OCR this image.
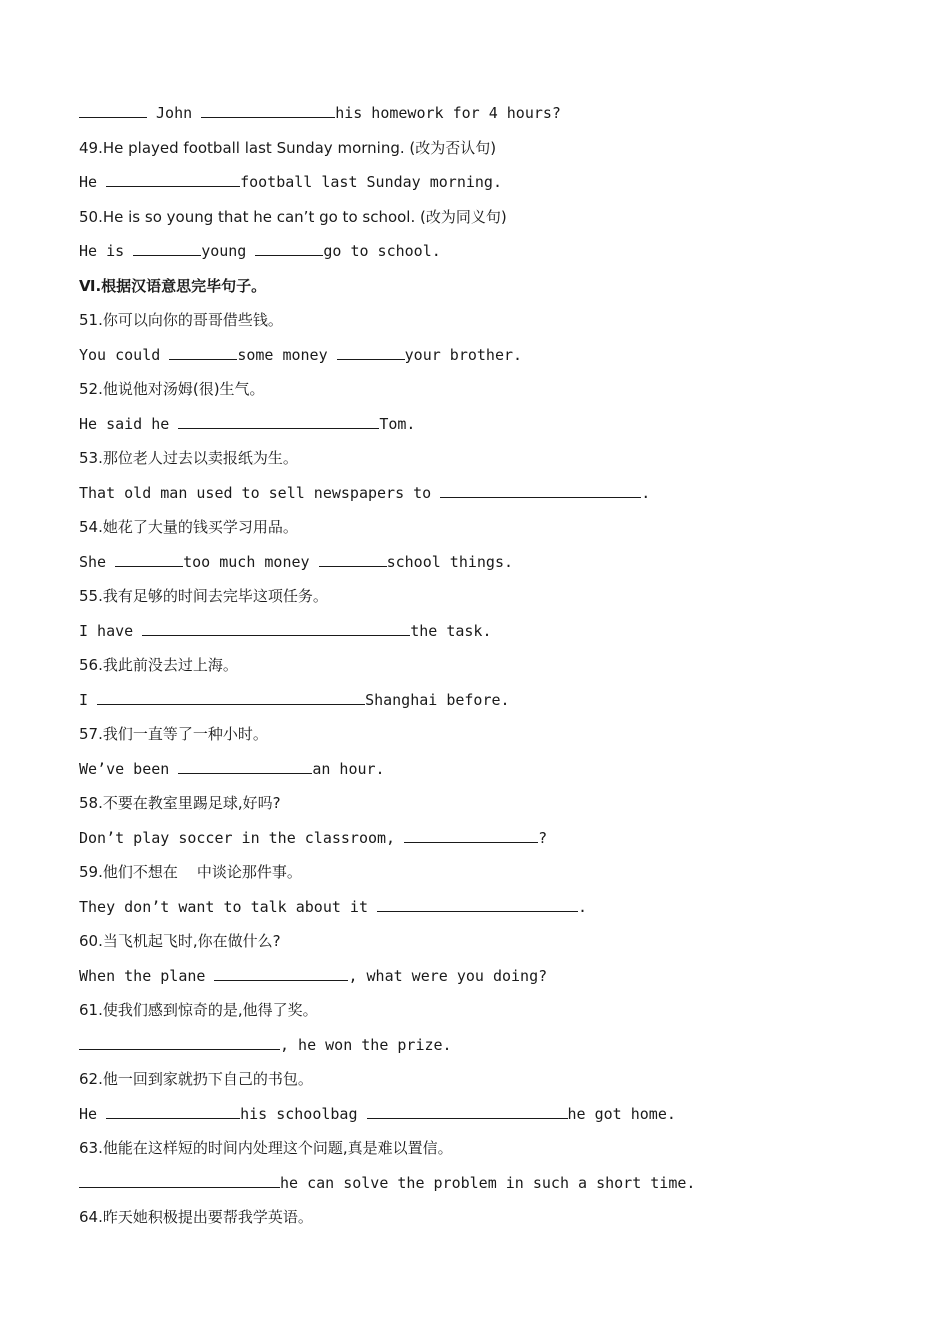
John	his homework for 4 hours?
49.He played football last Sunday morning. (改为否认句)
He	football last Sunday morning.
50.He is so young that he can’t go to school. (改为同义句)
He is	young	go to school.
Ⅵ.根据汉语意思完毕句子。
51.你可以向你的哥哥借些钱。
You could	some money	your brother.
52.他说他对汤姆(很)生气。
He said he	Tom.
53.那位老人过去以卖报纸为生。
That old man used to sell newspapers to	.
54.她花了大量的钱买学习用品。
She	too much money	school things.
55.我有足够的时间去完毕这项任务。
I have	the task.
56.我此前没去过上海。
I	Shanghai before.
57.我们一直等了一种小时。
We’ve been	an hour.
58.不要在教室里踢足球,好吗?
Don’t play soccer in the classroom,	?
59.他们不想在    中谈论那件事。
They don’t want to talk about it	.
60.当飞机起飞时,你在做什么?
When the plane	, what were you doing?
61.使我们感到惊奇的是,他得了奖。
, he won the prize.
62.他一回到家就扔下自己的书包。
He	his schoolbag	he got home.
63.他能在这样短的时间内处理这个问题,真是难以置信。
he can solve the problem in such a short time.
64.昨天她积极提出要帮我学英语。
